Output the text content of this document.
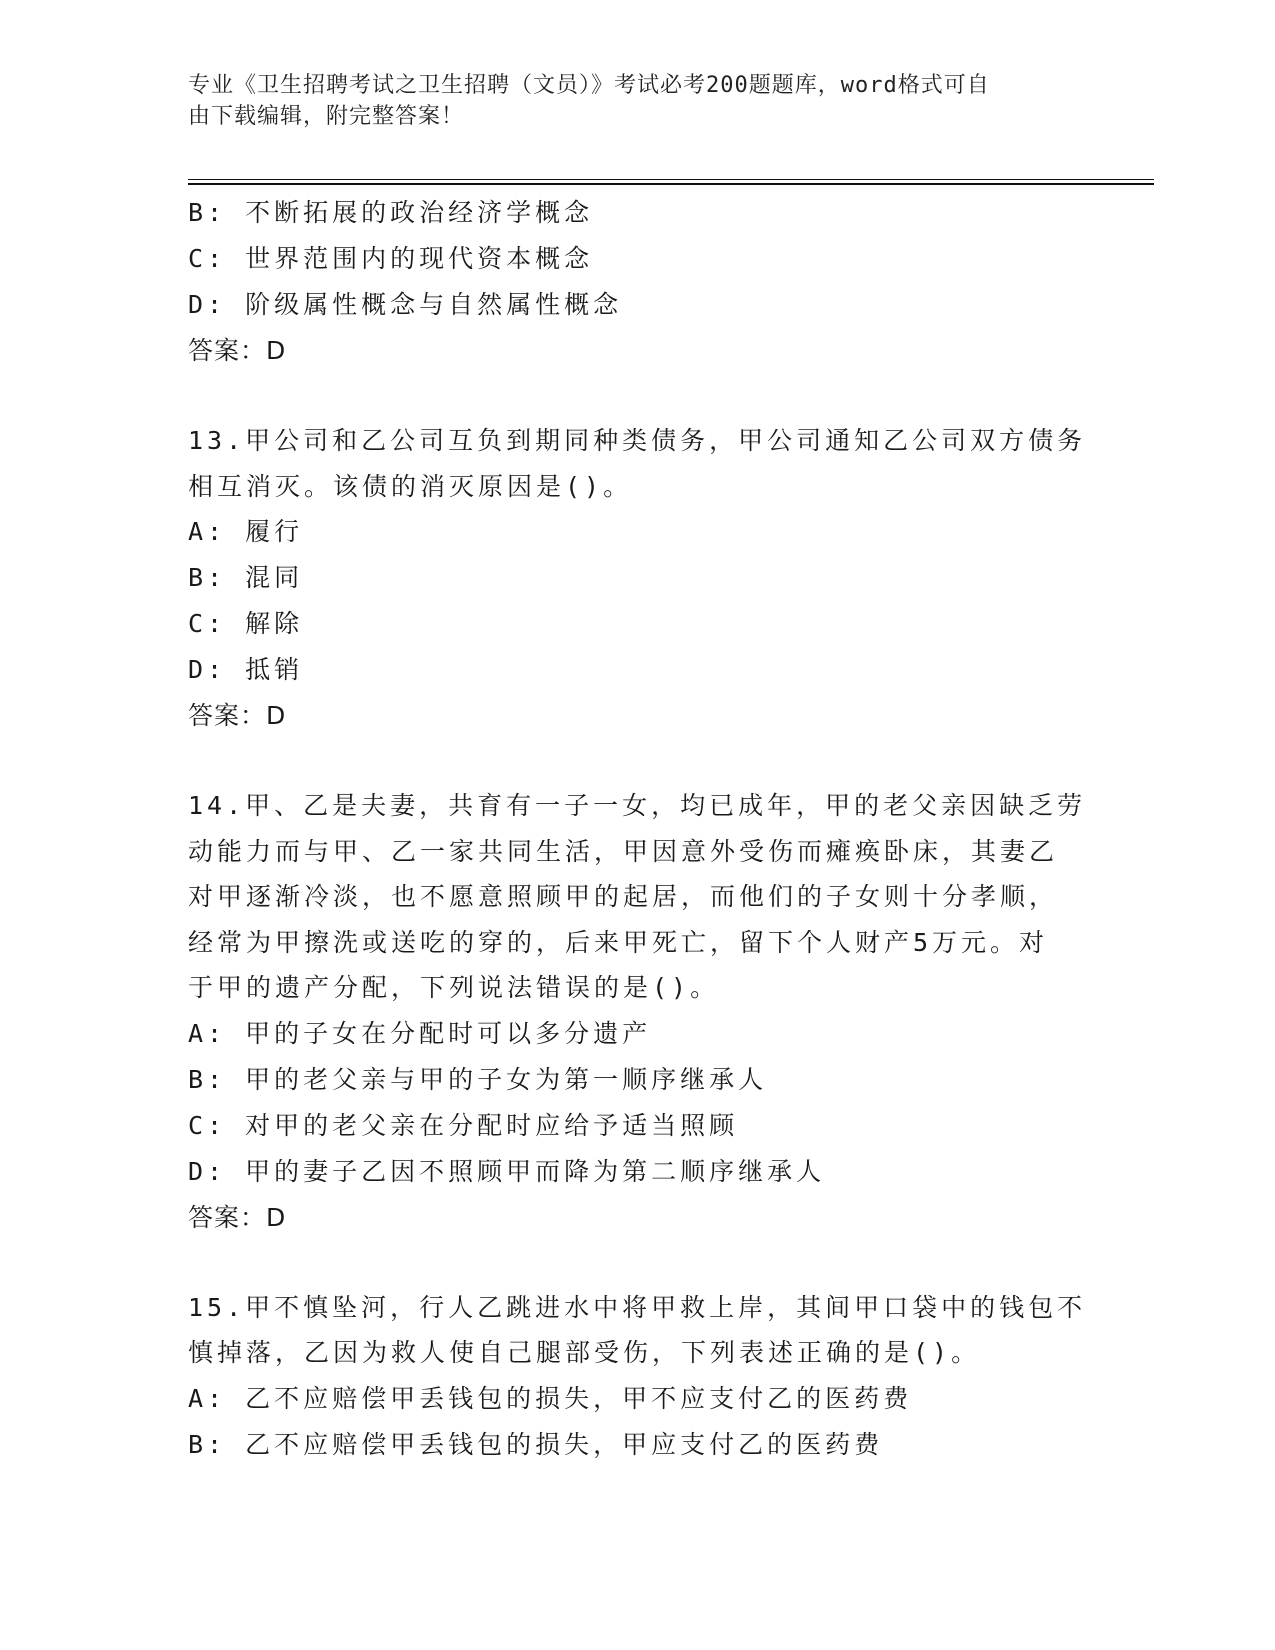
专业《卫生招聘考试之卫生招聘（文员）》考试必考200题题库，word格式可自
由下载编辑，附完整答案！
B: 不断拓展的政治经济学概念
C: 世界范围内的现代资本概念
D: 阶级属性概念与自然属性概念
答案：D
13.甲公司和乙公司互负到期同种类债务，甲公司通知乙公司双方债务
相互消灭。该债的消灭原因是()。
A: 履行
B: 混同
C: 解除
D: 抵销
答案：D
14.甲、乙是夫妻，共育有一子一女，均已成年，甲的老父亲因缺乏劳
动能力而与甲、乙一家共同生活，甲因意外受伤而瘫痪卧床，其妻乙
对甲逐渐冷淡，也不愿意照顾甲的起居，而他们的子女则十分孝顺，
经常为甲擦洗或送吃的穿的，后来甲死亡，留下个人财产5万元。对
于甲的遗产分配，下列说法错误的是()。
A: 甲的子女在分配时可以多分遗产
B: 甲的老父亲与甲的子女为第一顺序继承人
C: 对甲的老父亲在分配时应给予适当照顾
D: 甲的妻子乙因不照顾甲而降为第二顺序继承人
答案：D
15.甲不慎坠河，行人乙跳进水中将甲救上岸，其间甲口袋中的钱包不
慎掉落，乙因为救人使自己腿部受伤，下列表述正确的是()。
A: 乙不应赔偿甲丢钱包的损失，甲不应支付乙的医药费
B: 乙不应赔偿甲丢钱包的损失，甲应支付乙的医药费
